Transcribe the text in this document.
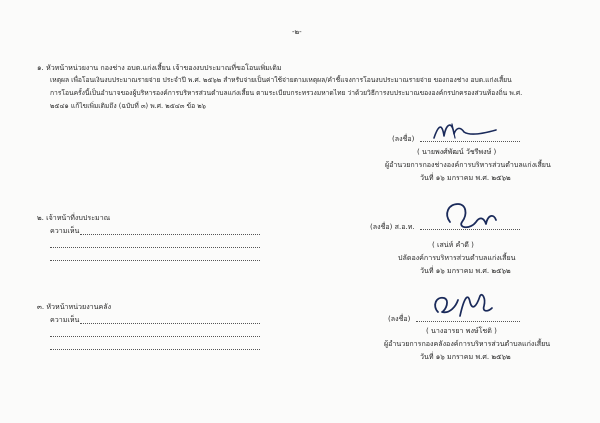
-๒-
๑. หัวหน้าหน่วยงาน กองช่าง อบต.แก่งเสี้ยน เจ้าของงบประมาณที่ขอโอนเพิ่มเติม
เหตุผล เพื่อโอนเงินงบประมาณรายจ่าย ประจำปี พ.ศ. ๒๕๖๒ สำหรับจ่ายเป็นค่าใช้จ่ายตามเหตุผล/คำชี้แจงการโอนงบประมาณรายจ่าย ของกองช่าง อบต.แก่งเสี้ยน
การโอนครั้งนี้เป็นอำนาจของผู้บริหารองค์การบริหารส่วนตำบลแก่งเสี้ยน ตามระเบียบกระทรวงมหาดไทย ว่าด้วยวิธีการงบประมาณขององค์กรปกครองส่วนท้องถิ่น พ.ศ.
๒๕๔๑ แก้ไขเพิ่มเติมถึง (ฉบับที่ ๓) พ.ศ. ๒๕๔๓ ข้อ ๒๖
(ลงชื่อ)
( นายพงศ์พัฒน์ วัชรีพงษ์ )
ผู้อำนวยการกองช่างองค์การบริหารส่วนตำบลแก่งเสี้ยน
วันที่ ๑๖ มกราคม พ.ศ. ๒๕๖๒
๒. เจ้าหน้าที่งบประมาณ
ความเห็น	(ลงชื่อ) ส.อ.ท.
( เสน่ห์ คำดี )
ปลัดองค์การบริหารส่วนตำบลแก่งเสี้ยน
วันที่ ๑๖ มกราคม พ.ศ. ๒๕๖๒
๓. หัวหน้าหน่วยงานคลัง
ความเห็น	(ลงชื่อ)
( นางอารยา พงษ์โชติ )
ผู้อำนวยการกองคลังองค์การบริหารส่วนตำบลแก่งเสี้ยน
วันที่ ๑๖ มกราคม พ.ศ. ๒๕๖๒
